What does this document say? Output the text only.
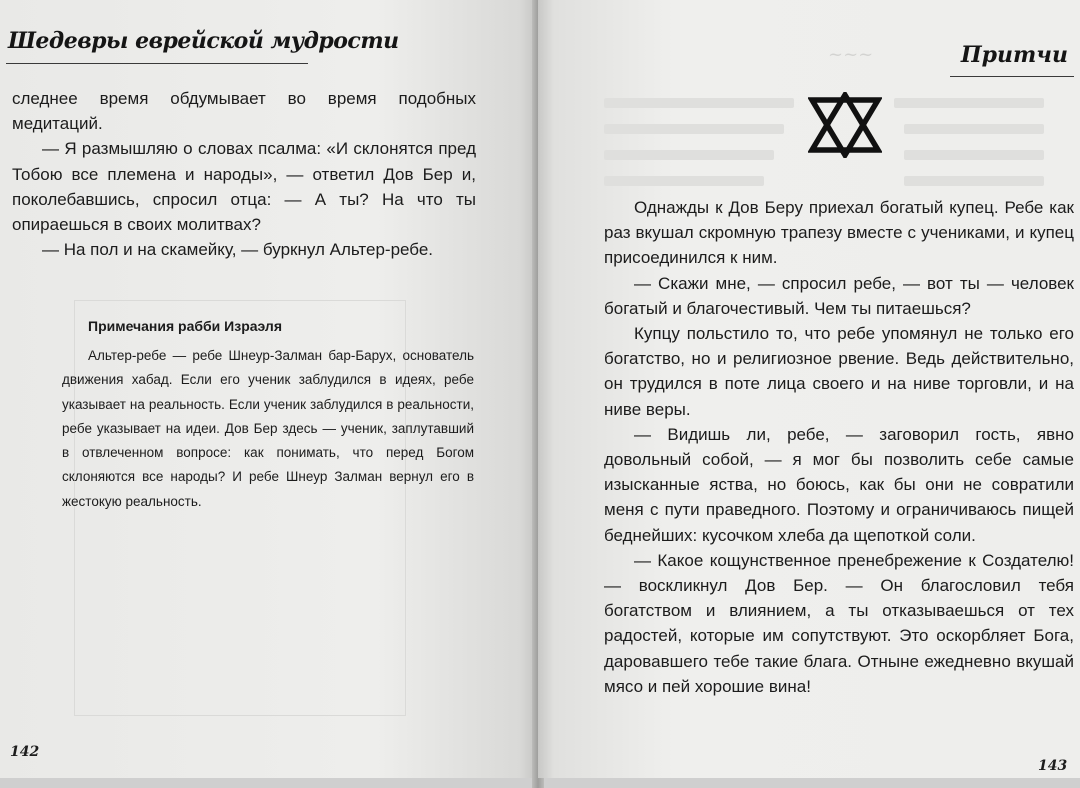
Шедевры еврейской мудрости

следнее время обдумывает во время подобных медитаций.

— Я размышляю о словах псалма: «И склонятся пред Тобою все племена и народы», — ответил Дов Бер и, поколебавшись, спросил отца: — А ты? На что ты опираешься в своих молитвах?

— На пол и на скамейку, — буркнул Альтер-ребе.

Примечания рабби Израэля

Альтер-ребе — ребе Шнеур-Залман бар-Барух, основатель движения хабад. Если его ученик заблудился в идеях, ребе указывает на реальность. Если ученик заблудился в реальности, ребе указывает на идеи. Дов Бер здесь — ученик, заплутавший в отвлеченном вопросе: как понимать, что перед Богом склоняются все народы? И ребе Шнеур Залман вернул его в жестокую реальность.

142
~~~	Притчи

Однажды к Дов Беру приехал богатый купец. Ребе как раз вкушал скромную трапезу вместе с учениками, и купец присоединился к ним.

— Скажи мне, — спросил ребе, — вот ты — человек богатый и благочестивый. Чем ты питаешься?

Купцу польстило то, что ребе упомянул не только его богатство, но и религиозное рвение. Ведь действительно, он трудился в поте лица своего и на ниве торговли, и на ниве веры.

— Видишь ли, ребе, — заговорил гость, явно довольный собой, — я мог бы позволить себе самые изысканные яства, но боюсь, как бы они не совратили меня с пути праведного. Поэтому и ограничиваюсь пищей беднейших: кусочком хлеба да щепоткой соли.

— Какое кощунственное пренебрежение к Создателю! — воскликнул Дов Бер. — Он благословил тебя богатством и влиянием, а ты отказываешься от тех радостей, которые им сопутствуют. Это оскорбляет Бога, даровавшего тебе такие блага. Отныне ежедневно вкушай мясо и пей хорошие вина!

143
